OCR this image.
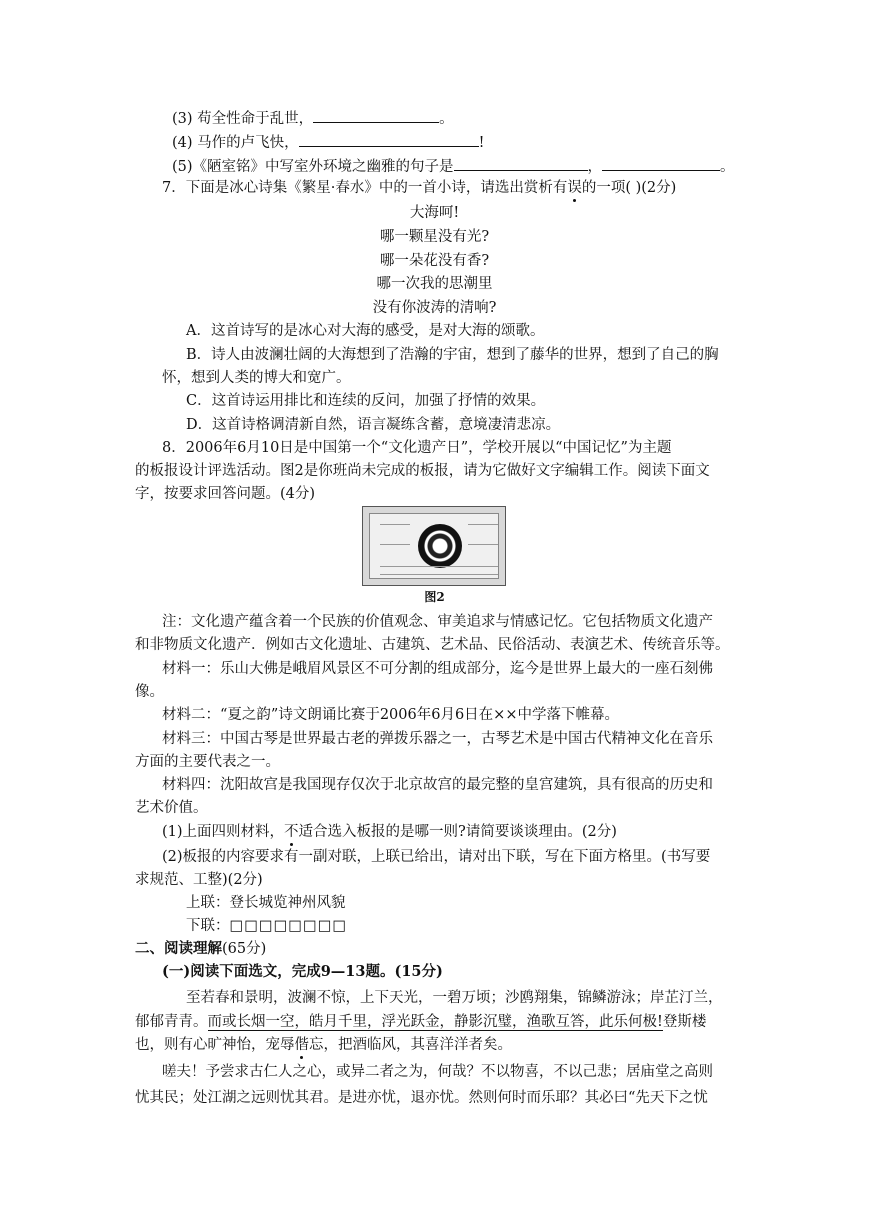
(3) 苟全性命于乱世，	。
(4) 马作的卢飞快，	!
(5)《陋室铭》中写室外环境之幽雅的句子是	，	。
7．下面是冰心诗集《繁星·春水》中的一首小诗，请选出赏析有误的一项( )(2分)
大海呵!
哪一颗星没有光?
哪一朵花没有香?
哪一次我的思潮里
没有你波涛的清响?
A．这首诗写的是冰心对大海的感受，是对大海的颂歌。
B．诗人由波澜壮阔的大海想到了浩瀚的宇宙，想到了藤华的世界，想到了自己的胸
怀，想到人类的博大和宽广。
C．这首诗运用排比和连续的反问，加强了抒情的效果。
D．这首诗格调清新自然，语言凝练含蓄，意境凄清悲凉。
8．2006年6月10日是中国第一个“文化遗产日”，学校开展以“中国记忆”为主题
的板报设计评选活动。图2是你班尚未完成的板报，请为它做好文字编辑工作。阅读下面文
字，按要求回答问题。(4分)
图2
注：文化遗产蕴含着一个民族的价值观念、审美追求与情感记忆。它包括物质文化遗产
和非物质文化遗产．例如古文化遗址、古建筑、艺术品、民俗活动、表演艺术、传统音乐等。
材料一：乐山大佛是峨眉风景区不可分割的组成部分，迄今是世界上最大的一座石刻佛
像。
材料二：“夏之韵”诗文朗诵比赛于2006年6月6日在××中学落下帷幕。
材料三：中国古琴是世界最古老的弹拨乐器之一，古琴艺术是中国古代精神文化在音乐
方面的主要代表之一。
材料四：沈阳故宫是我国现存仅次于北京故宫的最完整的皇宫建筑，具有很高的历史和
艺术价值。
(1)上面四则材料，不适合选入板报的是哪一则?请简要谈谈理由。(2分)
(2)板报的内容要求有一副对联，上联已给出，请对出下联，写在下面方格里。(书写要
求规范、工整)(2分)
上联：登长城览神州风貌
下联：□□□□□□□□
二、阅读理解(65分)
(一)阅读下面选文，完成9—13题。(15分)
至若春和景明，波澜不惊，上下天光，一碧万顷；沙鸥翔集，锦鳞游泳；岸芷汀兰，
郁郁青青。而或长烟一空，皓月千里，浮光跃金，静影沉璧，渔歌互答，此乐何极!登斯楼
也，则有心旷神怡，宠辱偕忘，把酒临风，其喜洋洋者矣。
嗟夫！予尝求古仁人之心，或异二者之为，何哉？不以物喜，不以己悲；居庙堂之高则
忧其民；处江湖之远则忧其君。是进亦忧，退亦忧。然则何时而乐耶？其必曰“先天下之忧
